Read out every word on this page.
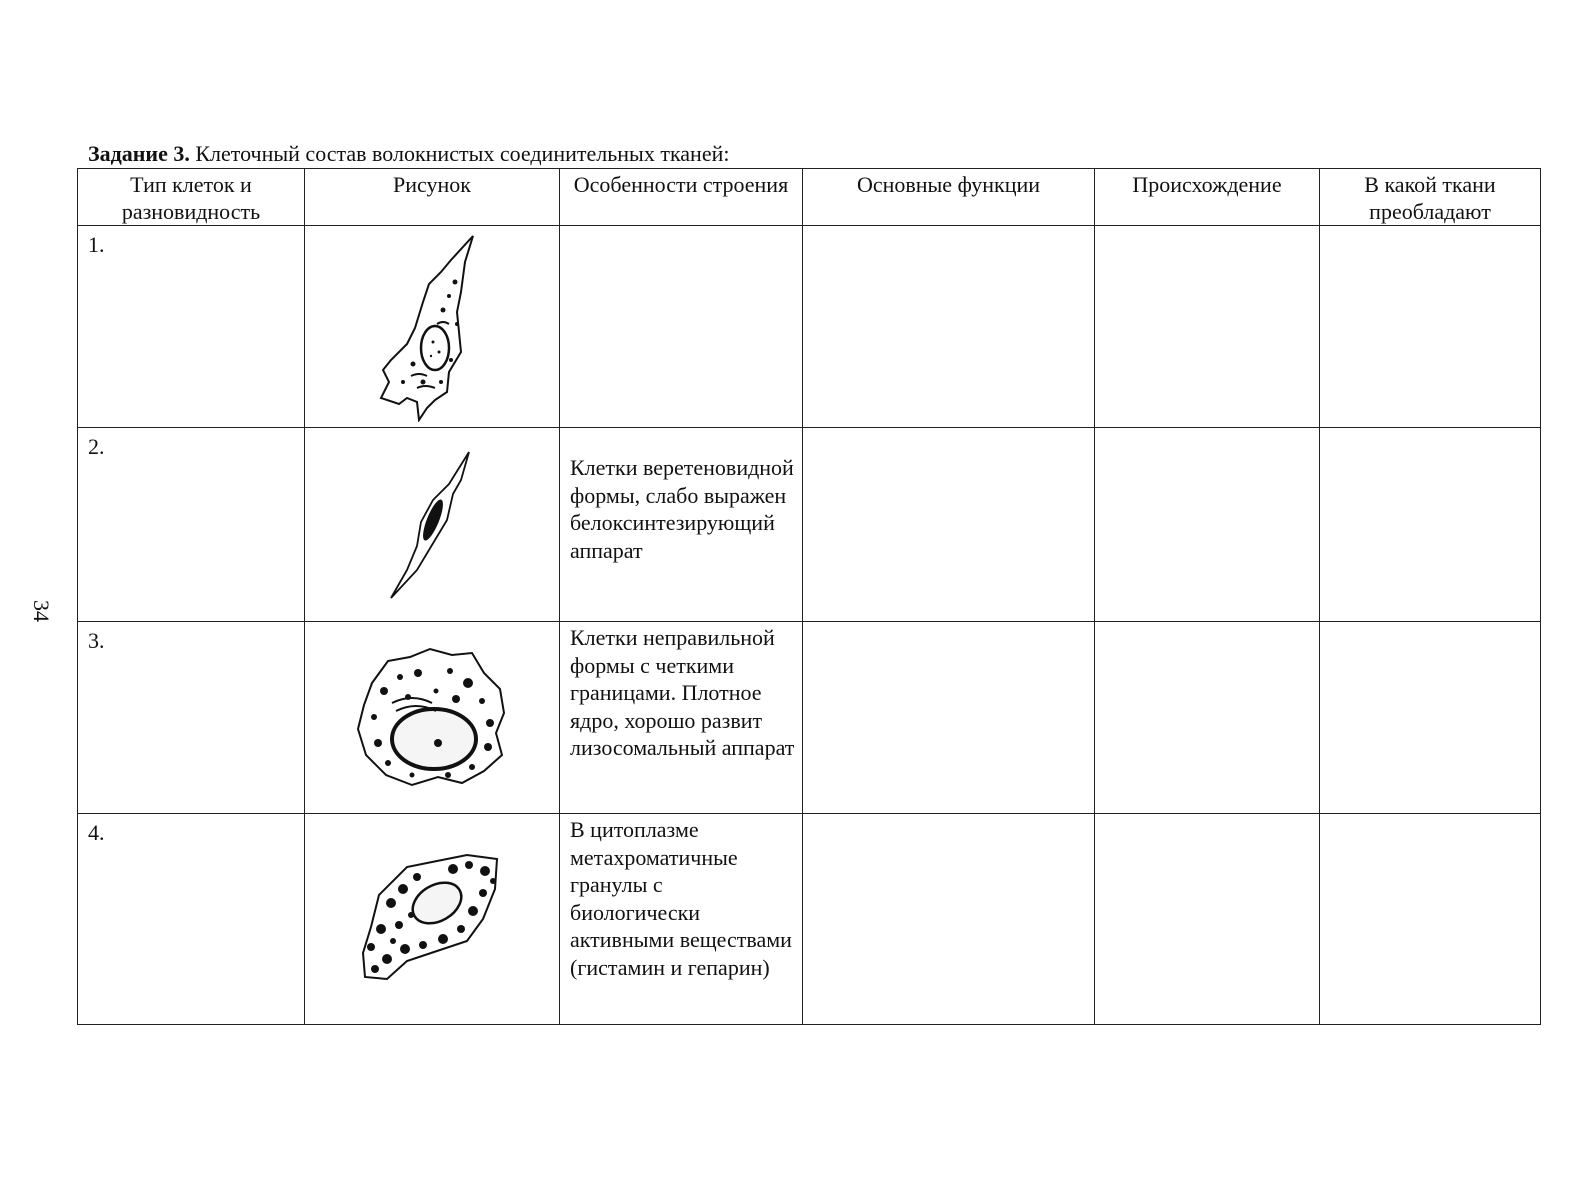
34
Задание 3. Клеточный состав волокнистых соединительных тканей:
Тип клеток и разновидность	Рисунок	Особенности строения	Основные функции	Происхождение	В какой ткани преобладают

1.

2.		Клетки веретеновидной формы, слабо выражен белоксинтезирующий аппарат			

3.		Клетки неправильной формы с четкими границами. Плотное ядро, хорошо развит лизосомальный аппарат			

4.		В цитоплазме метахроматичные гранулы с биологически активными веществами (гистамин и гепарин)			
